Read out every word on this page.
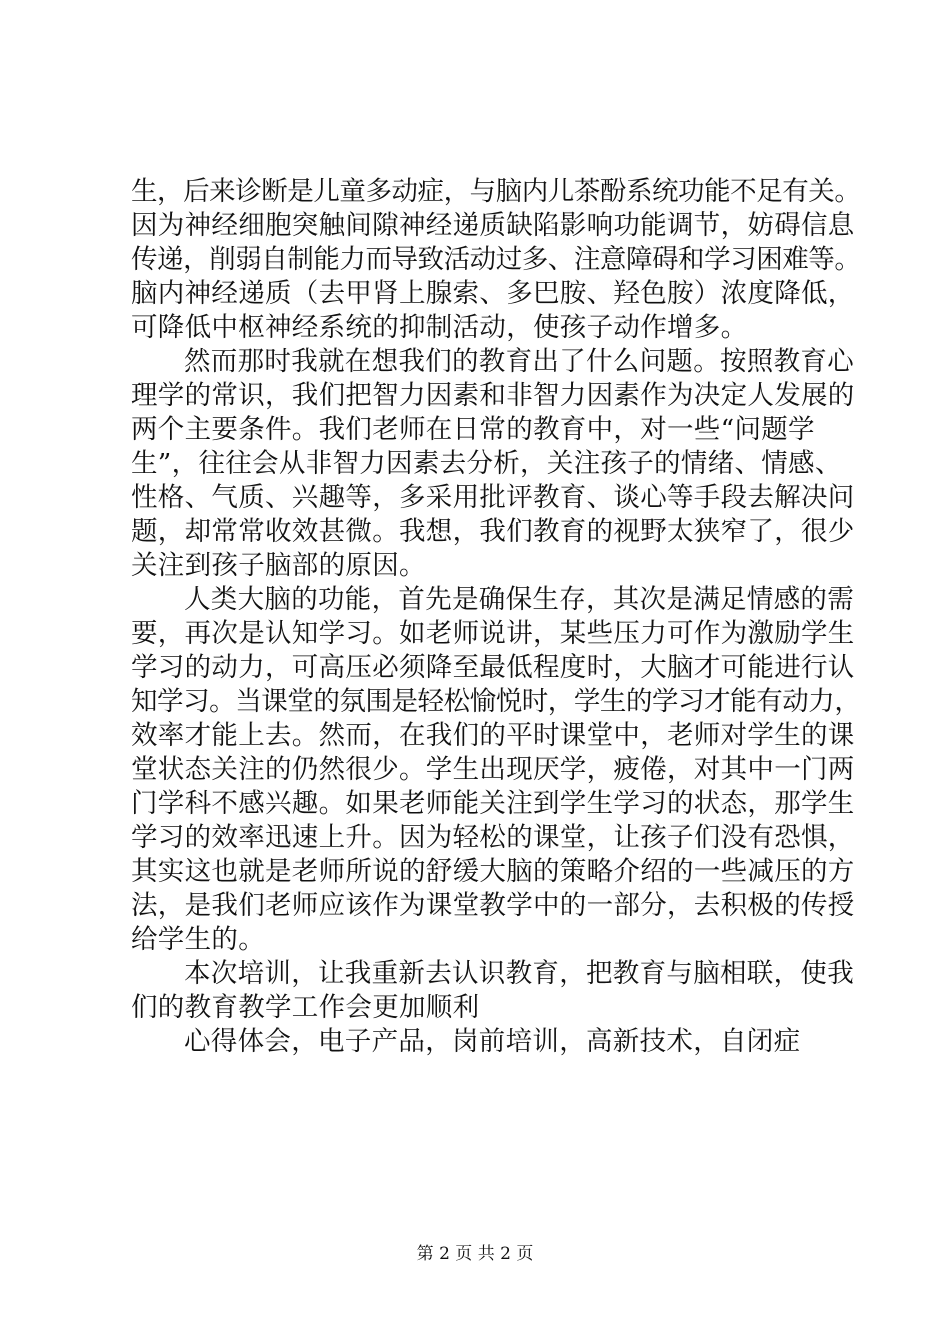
生，后来诊断是儿童多动症，与脑内儿茶酚系统功能不足有关。
因为神经细胞突触间隙神经递质缺陷影响功能调节，妨碍信息
传递，削弱自制能力而导致活动过多、注意障碍和学习困难等。
脑内神经递质（去甲肾上腺索、多巴胺、羟色胺）浓度降低，
可降低中枢神经系统的抑制活动，使孩子动作增多。
然而那时我就在想我们的教育出了什么问题。按照教育心
理学的常识，我们把智力因素和非智力因素作为决定人发展的
两个主要条件。我们老师在日常的教育中，对一些“问题学
生”，往往会从非智力因素去分析，关注孩子的情绪、情感、
性格、气质、兴趣等，多采用批评教育、谈心等手段去解决问
题，却常常收效甚微。我想，我们教育的视野太狭窄了，很少
关注到孩子脑部的原因。
人类大脑的功能，首先是确保生存，其次是满足情感的需
要，再次是认知学习。如老师说讲，某些压力可作为激励学生
学习的动力，可高压必须降至最低程度时，大脑才可能进行认
知学习。当课堂的氛围是轻松愉悦时，学生的学习才能有动力，
效率才能上去。然而，在我们的平时课堂中，老师对学生的课
堂状态关注的仍然很少。学生出现厌学，疲倦，对其中一门两
门学科不感兴趣。如果老师能关注到学生学习的状态，那学生
学习的效率迅速上升。因为轻松的课堂，让孩子们没有恐惧，
其实这也就是老师所说的舒缓大脑的策略介绍的一些减压的方
法，是我们老师应该作为课堂教学中的一部分，去积极的传授
给学生的。
本次培训，让我重新去认识教育，把教育与脑相联，使我
们的教育教学工作会更加顺利
心得体会，电子产品，岗前培训，高新技术，自闭症
第 2 页 共 2 页
